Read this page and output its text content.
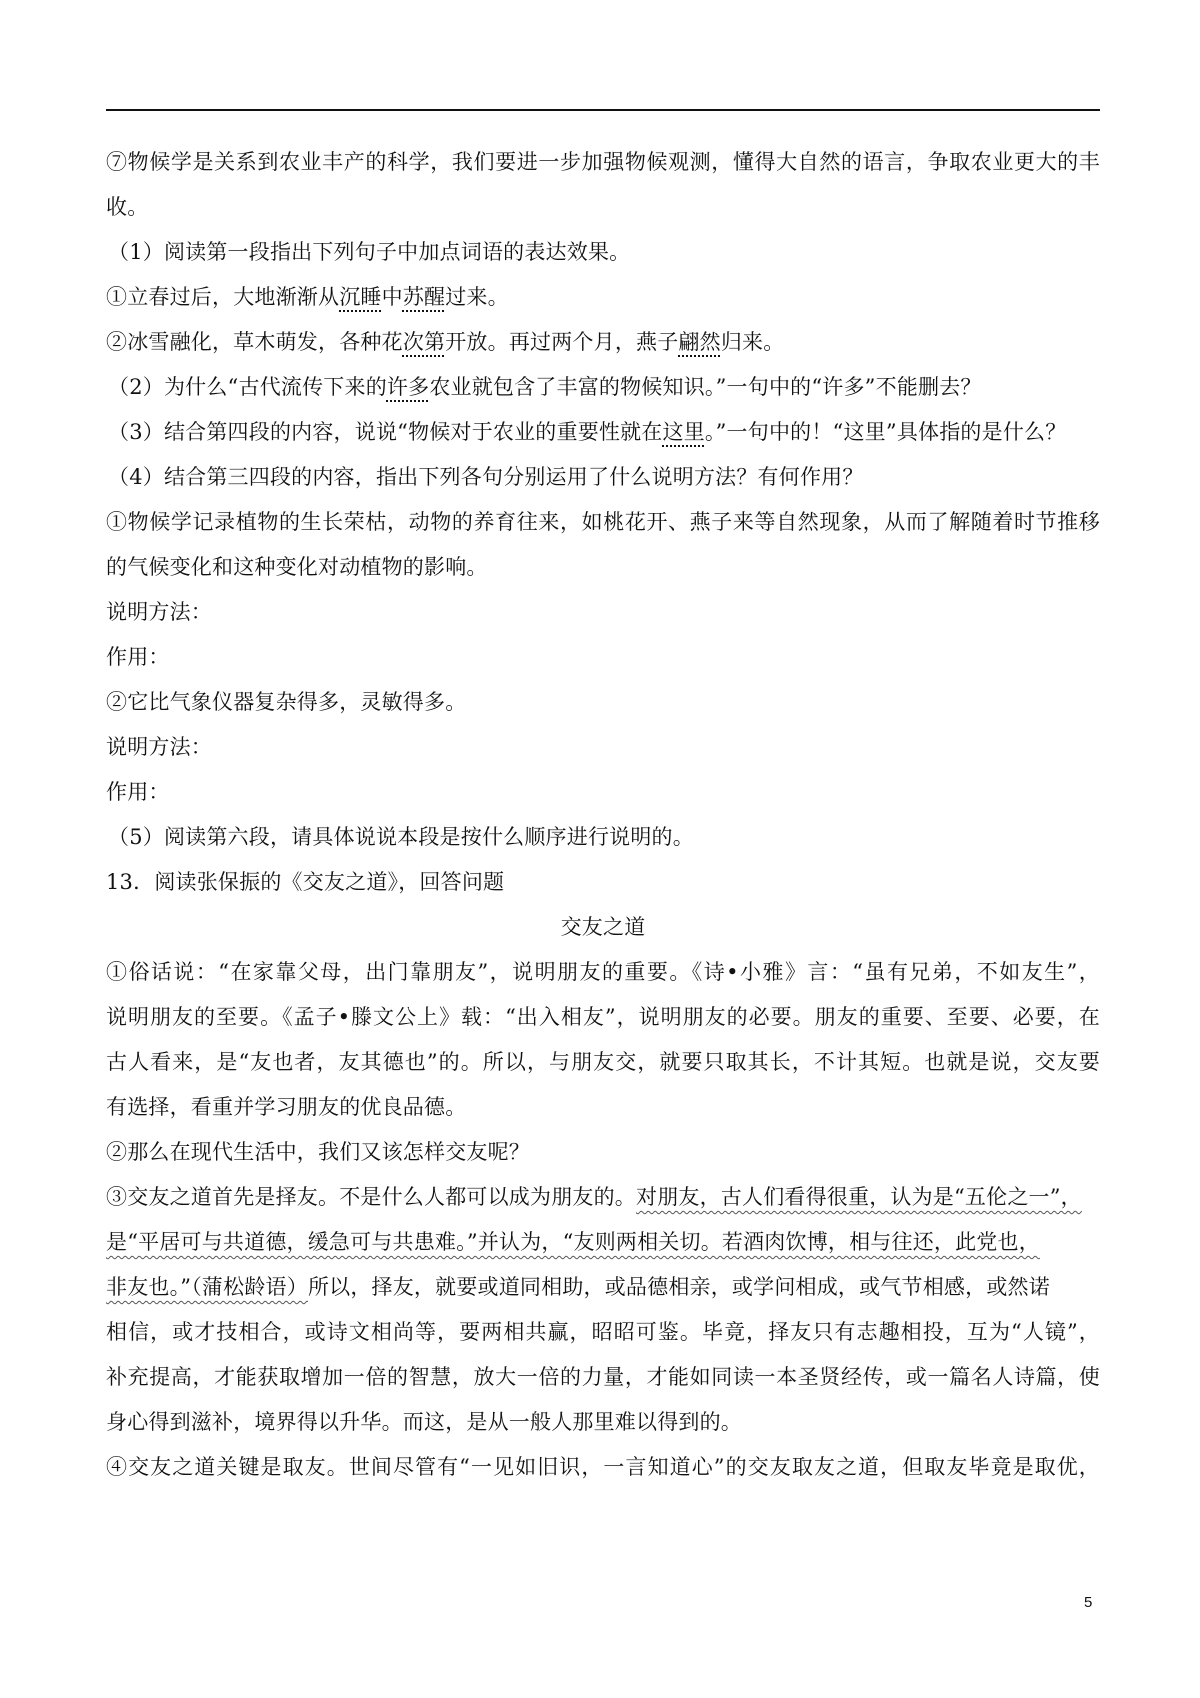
⑦物候学是关系到农业丰产的科学，我们要进一步加强物候观测，懂得大自然的语言，争取农业更大的丰
收。
（1）阅读第一段指出下列句子中加点词语的表达效果。
①立春过后，大地渐渐从沉睡中苏醒过来。
②冰雪融化，草木萌发，各种花次第开放。再过两个月，燕子翩然归来。
（2）为什么“古代流传下来的许多农业就包含了丰富的物候知识。”一句中的“许多”不能删去？
（3）结合第四段的内容，说说“物候对于农业的重要性就在这里。”一句中的！“这里”具体指的是什么？
（4）结合第三四段的内容，指出下列各句分别运用了什么说明方法？有何作用？
①物候学记录植物的生长荣枯，动物的养育往来，如桃花开、燕子来等自然现象，从而了解随着时节推移
的气候变化和这种变化对动植物的影响。
说明方法：
作用：
②它比气象仪器复杂得多，灵敏得多。
说明方法：
作用：
（5）阅读第六段，请具体说说本段是按什么顺序进行说明的。
13．阅读张保振的《交友之道》，回答问题
交友之道
①俗话说：“在家靠父母，出门靠朋友”，说明朋友的重要。《诗•小雅》言：“虽有兄弟，不如友生”，
说明朋友的至要。《孟子•滕文公上》载：“出入相友”，说明朋友的必要。朋友的重要、至要、必要，在
古人看来，是“友也者，友其德也”的。所以，与朋友交，就要只取其长，不计其短。也就是说，交友要
有选择，看重并学习朋友的优良品德。
②那么在现代生活中，我们又该怎样交友呢？
③交友之道首先是择友。不是什么人都可以成为朋友的。对朋友，古人们看得很重，认为是“五伦之一”，
是“平居可与共道德，缓急可与共患难。”并认为，“友则两相关切。若酒肉饮博，相与往还，此党也，
非友也。”（蒲松龄语）所以，择友，就要或道同相助，或品德相亲，或学问相成，或气节相感，或然诺
相信，或才技相合，或诗文相尚等，要两相共赢，昭昭可鉴。毕竟，择友只有志趣相投，互为“人镜”，
补充提高，才能获取增加一倍的智慧，放大一倍的力量，才能如同读一本圣贤经传，或一篇名人诗篇，使
身心得到滋补，境界得以升华。而这，是从一般人那里难以得到的。
④交友之道关键是取友。世间尽管有“一见如旧识，一言知道心”的交友取友之道，但取友毕竟是取优，
5
